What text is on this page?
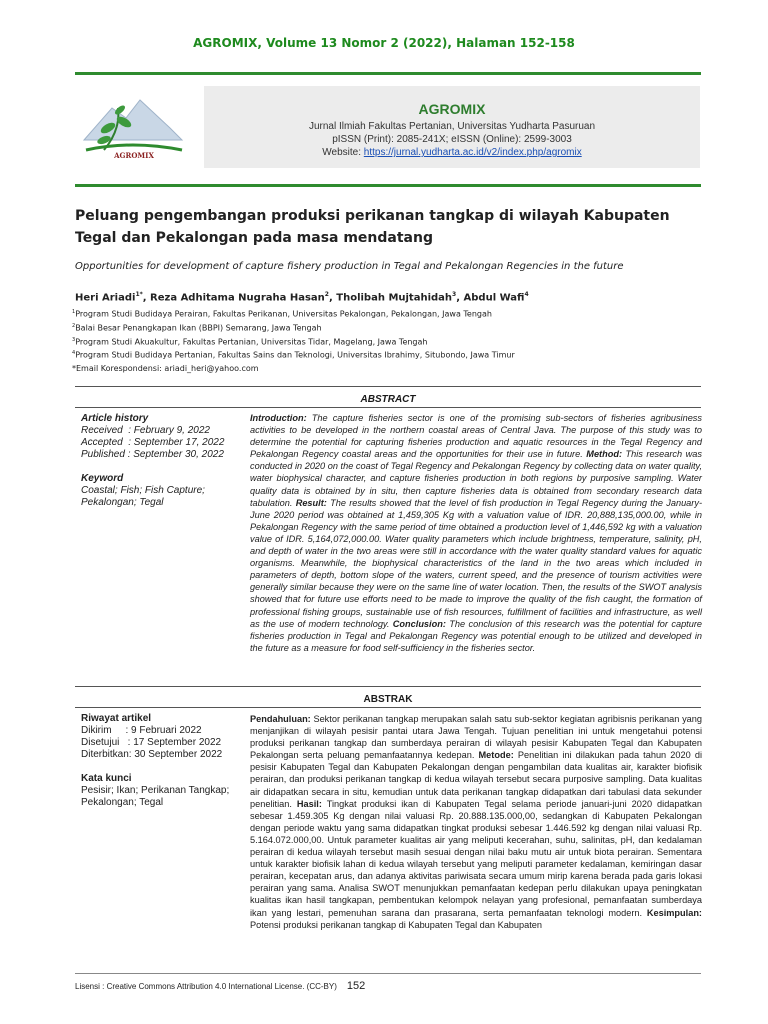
AGROMIX, Volume 13 Nomor 2 (2022), Halaman 152-158
AGROMIX
AGROMIX
Jurnal Ilmiah Fakultas Pertanian, Universitas Yudharta Pasuruan
pISSN (Print): 2085-241X; eISSN (Online): 2599-3003
Website: https://jurnal.yudharta.ac.id/v2/index.php/agromix
Peluang pengembangan produksi perikanan tangkap di wilayah Kabupaten Tegal dan Pekalongan pada masa mendatang
Opportunities for development of capture fishery production in Tegal and Pekalongan Regencies in the future
Heri Ariadi$^{1*}$, Reza Adhitama Nugraha Hasan$^2$, Tholibah Mujtahidah$^3$, Abdul Wafi$^4$
$^1$Program Studi Budidaya Perairan, Fakultas Perikanan, Universitas Pekalongan, Pekalongan, Jawa Tengah
$^2$Balai Besar Penangkapan Ikan (BBPI) Semarang, Jawa Tengah
$^3$Program Studi Akuakultur, Fakultas Pertanian, Universitas Tidar, Magelang, Jawa Tengah
$^4$Program Studi Budidaya Pertanian, Fakultas Sains dan Teknologi, Universitas Ibrahimy, Situbondo, Jawa Timur
*Email Korespondensi: ariadi_heri@yahoo.com
ABSTRACT
Article history
Received  : February 9, 2022
Accepted  : September 17, 2022
Published : September 30, 2022
Keyword
Coastal; Fish; Fish Capture; Pekalongan; Tegal
Introduction: The capture fisheries sector is one of the promising sub-sectors of fisheries agribusiness activities to be developed in the northern coastal areas of Central Java. The purpose of this study was to determine the potential for capturing fisheries production and aquatic resources in the Tegal Regency and Pekalongan Regency coastal areas and the opportunities for their use in future. Method: This research was conducted in 2020 on the coast of Tegal Regency and Pekalongan Regency by collecting data on water quality, water biophysical character, and capture fisheries production in both regions by purposive sampling. Water quality data is obtained by in situ, then capture fisheries data is obtained from secondary research data tabulation. Result: The results showed that the level of fish production in Tegal Regency during the January-June 2020 period was obtained at 1,459,305 Kg with a valuation value of IDR. 20,888,135,000.00, while in Pekalongan Regency with the same period of time obtained a production level of 1,446,592 kg with a valuation value of IDR. 5,164,072,000.00. Water quality parameters which include brightness, temperature, salinity, pH, and depth of water in the two areas were still in accordance with the water quality standard values for aquatic organisms. Meanwhile, the biophysical characteristics of the land in the two areas which included in parameters of depth, bottom slope of the waters, current speed, and the presence of tourism activities were generally similar because they were on the same line of water location. Then, the results of the SWOT analysis showed that for future use efforts need to be made to improve the quality of the fish caught, the formation of professional fishing groups, sustainable use of fish resources, fulfillment of facilities and infrastructure, as well as the use of modern technology. Conclusion: The conclusion of this research was the potential for capture fisheries production in Tegal and Pekalongan Regency was potential enough to be utilized and developed in the future as a measure for food self-sufficiency in the fisheries sector.
ABSTRAK
Riwayat artikel
Dikirim     : 9 Februari 2022
Disetujui   : 17 September 2022
Diterbitkan: 30 September 2022
Kata kunci
Pesisir; Ikan; Perikanan Tangkap; Pekalongan; Tegal
Pendahuluan: Sektor perikanan tangkap merupakan salah satu sub-sektor kegiatan agribisnis perikanan yang menjanjikan di wilayah pesisir pantai utara Jawa Tengah. Tujuan penelitian ini untuk mengetahui potensi produksi perikanan tangkap dan sumberdaya perairan di wilayah pesisir Kabupaten Tegal dan Kabupaten Pekalongan serta peluang pemanfaatannya kedepan. Metode: Penelitian ini dilakukan pada tahun 2020 di pesisir Kabupaten Tegal dan Kabupaten Pekalongan dengan pengambilan data kualitas air, karakter biofisik perairan, dan produksi perikanan tangkap di kedua wilayah tersebut secara purposive sampling. Data kualitas air didapatkan secara in situ, kemudian untuk data perikanan tangkap didapatkan dari tabulasi data sekunder penelitian. Hasil: Tingkat produksi ikan di Kabupaten Tegal selama periode januari-juni 2020 didapatkan sebesar 1.459.305 Kg dengan nilai valuasi Rp. 20.888.135.000,00, sedangkan di Kabupaten Pekalongan dengan periode waktu yang sama didapatkan tingkat produksi sebesar 1.446.592 kg dengan nilai valuasi Rp. 5.164.072.000,00. Untuk parameter kualitas air yang meliputi kecerahan, suhu, salinitas, pH, dan kedalaman perairan di kedua wilayah tersebut masih sesuai dengan nilai baku mutu air untuk biota perairan. Sementara untuk karakter biofisik lahan di kedua wilayah tersebut yang meliputi parameter kedalaman, kemiringan dasar perairan, kecepatan arus, dan adanya aktivitas pariwisata secara umum mirip karena berada pada garis lokasi perairan yang sama. Analisa SWOT menunjukkan pemanfaatan kedepan perlu dilakukan upaya peningkatan kualitas ikan hasil tangkapan, pembentukan kelompok nelayan yang profesional, pemanfaatan sumberdaya ikan yang lestari, pemenuhan sarana dan prasarana, serta pemanfaatan teknologi modern. Kesimpulan: Potensi produksi perikanan tangkap di Kabupaten Tegal dan Kabupaten
Lisensi : Creative Commons Attribution 4.0 International License. (CC-BY) 152
